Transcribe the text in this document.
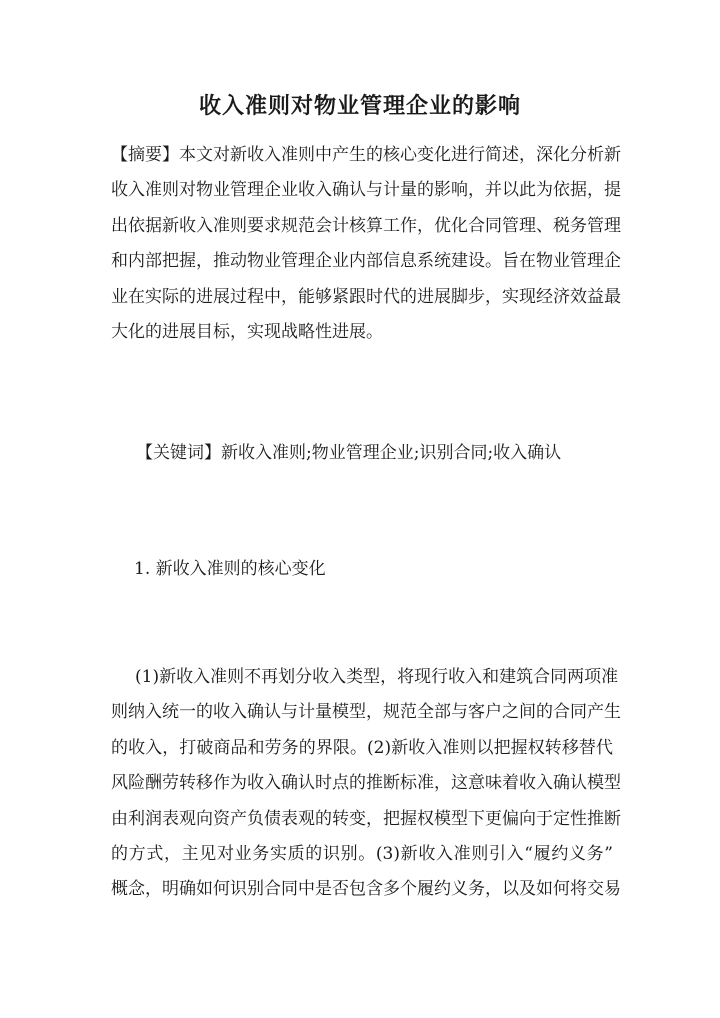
收入准则对物业管理企业的影响
【摘要】本文对新收入准则中产生的核心变化进行简述，深化分析新
收入准则对物业管理企业收入确认与计量的影响，并以此为依据，提
出依据新收入准则要求规范会计核算工作，优化合同管理、税务管理
和内部把握，推动物业管理企业内部信息系统建设。旨在物业管理企
业在实际的进展过程中，能够紧跟时代的进展脚步，实现经济效益最
大化的进展目标，实现战略性进展。
【关键词】新收入准则;物业管理企业;识别合同;收入确认
1. 新收入准则的核心变化
(1)新收入准则不再划分收入类型，将现行收入和建筑合同两项准
则纳入统一的收入确认与计量模型，规范全部与客户之间的合同产生
的收入，打破商品和劳务的界限。(2)新收入准则以把握权转移替代
风险酬劳转移作为收入确认时点的推断标准，这意味着收入确认模型
由利润表观向资产负债表观的转变，把握权模型下更偏向于定性推断
的方式，主见对业务实质的识别。(3)新收入准则引入“履约义务”
概念，明确如何识别合同中是否包含多个履约义务，以及如何将交易
